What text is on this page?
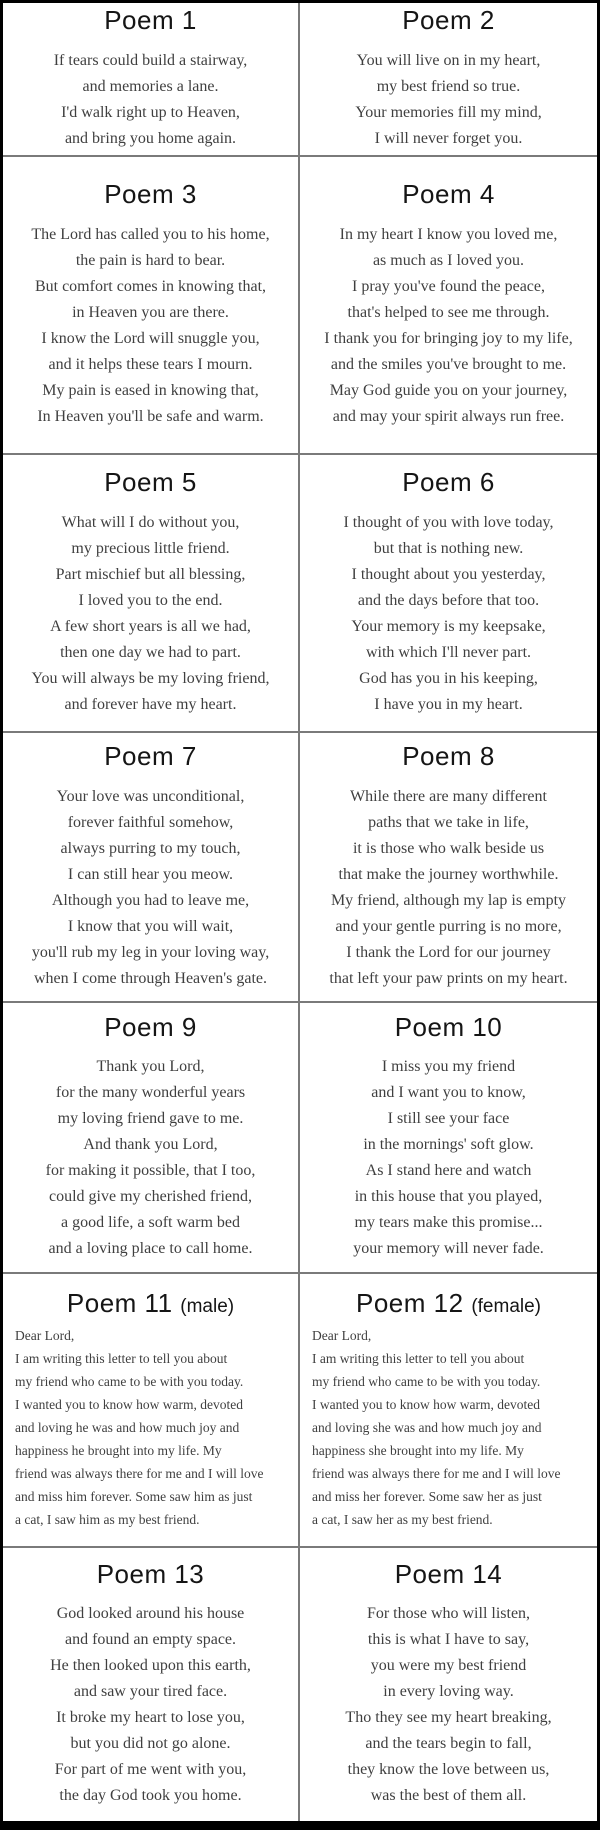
Poem 1
If tears could build a stairway,
and memories a lane.
I'd walk right up to Heaven,
and bring you home again.
Poem 2
You will live on in my heart,
my best friend so true.
Your memories fill my mind,
I will never forget you.
Poem 3
The Lord has called you to his home,
the pain is hard to bear.
But comfort comes in knowing that,
in Heaven you are there.
I know the Lord will snuggle you,
and it helps these tears I mourn.
My pain is eased in knowing that,
In Heaven you'll be safe and warm.
Poem 4
In my heart I know you loved me,
as much as I loved you.
I pray you've found the peace,
that's helped to see me through.
I thank you for bringing joy to my life,
and the smiles you've brought to me.
May God guide you on your journey,
and may your spirit always run free.
Poem 5
What will I do without you,
my precious little friend.
Part mischief but all blessing,
I loved you to the end.
A few short years is all we had,
then one day we had to part.
You will always be my loving friend,
and forever have my heart.
Poem 6
I thought of you with love today,
but that is nothing new.
I thought about you yesterday,
and the days before that too.
Your memory is my keepsake,
with which I'll never part.
God has you in his keeping,
I have you in my heart.
Poem 7
Your love was unconditional,
forever faithful somehow,
always purring to my touch,
I can still hear you meow.
Although you had to leave me,
I know that you will wait,
you'll rub my leg in your loving way,
when I come through Heaven's gate.
Poem 8
While there are many different
paths that we take in life,
it is those who walk beside us
that make the journey worthwhile.
My friend, although my lap is empty
and your gentle purring is no more,
I thank the Lord for our journey
that left your paw prints on my heart.
Poem 9
Thank you Lord,
for the many wonderful years
my loving friend gave to me.
And thank you Lord,
for making it possible, that I too,
could give my cherished friend,
a good life, a soft warm bed
and a loving place to call home.
Poem 10
I miss you my friend
and I want you to know,
I still see your face
in the mornings' soft glow.
As I stand here and watch
in this house that you played,
my tears make this promise...
your memory will never fade.
Poem 11 (male)
Dear Lord,
I am writing this letter to tell you about
my friend who came to be with you today.
I wanted you to know how warm, devoted
and loving he was and how much joy and
happiness he brought into my life. My
friend was always there for me and I will love
and miss him forever. Some saw him as just
a cat, I saw him as my best friend.
Poem 12 (female)
Dear Lord,
I am writing this letter to tell you about
my friend who came to be with you today.
I wanted you to know how warm, devoted
and loving she was and how much joy and
happiness she brought into my life. My
friend was always there for me and I will love
and miss her forever. Some saw her as just
a cat, I saw her as my best friend.
Poem 13
God looked around his house
and found an empty space.
He then looked upon this earth,
and saw your tired face.
It broke my heart to lose you,
but you did not go alone.
For part of me went with you,
the day God took you home.
Poem 14
For those who will listen,
this is what I have to say,
you were my best friend
in every loving way.
Tho they see my heart breaking,
and the tears begin to fall,
they know the love between us,
was the best of them all.
